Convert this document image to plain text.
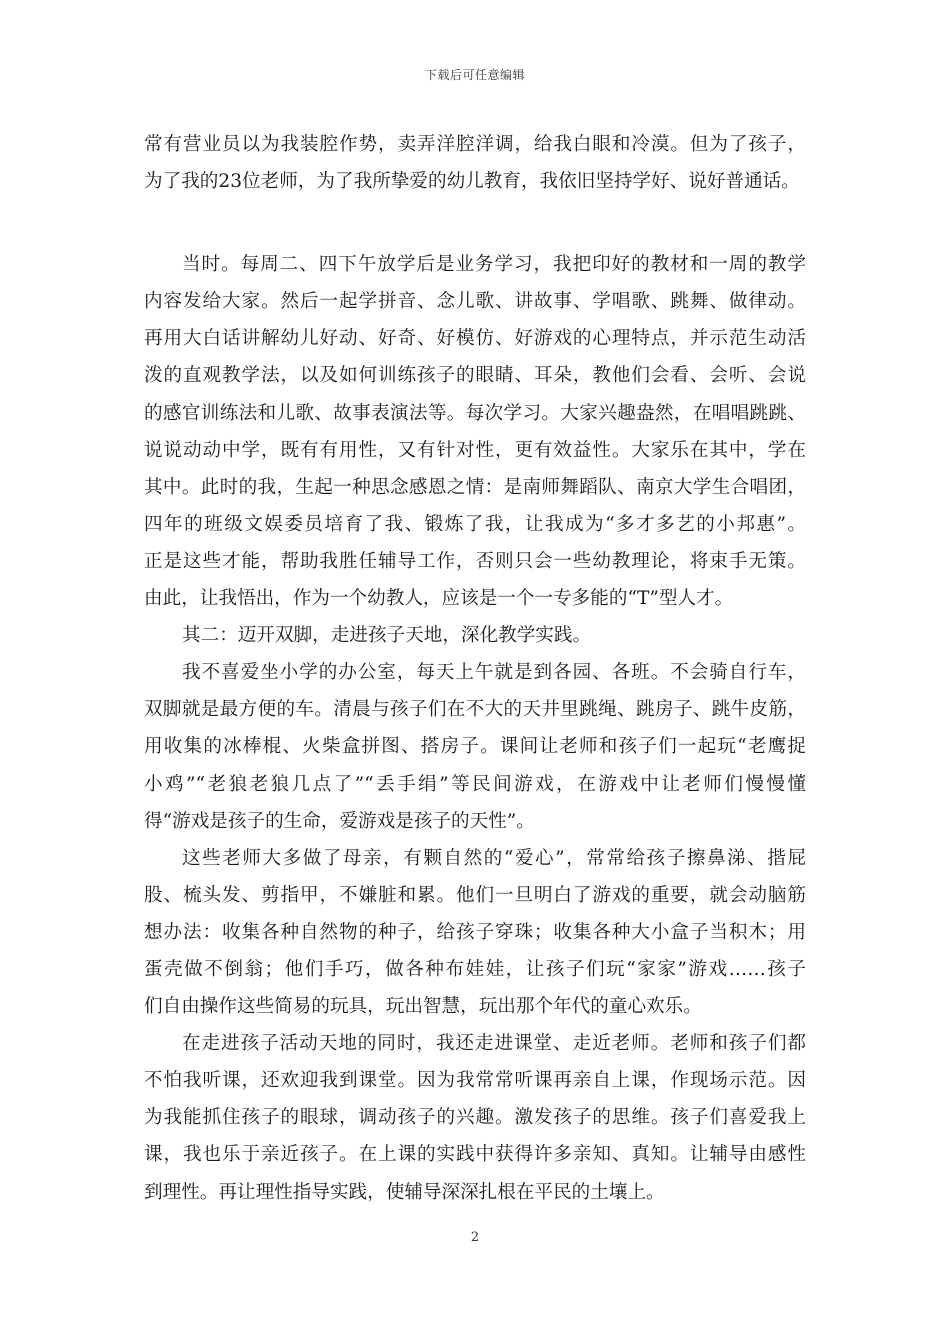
下载后可任意编辑
常有营业员以为我装腔作势，卖弄洋腔洋调，给我白眼和冷漠。但为了孩子，
为了我的23位老师，为了我所挚爱的幼儿教育，我依旧坚持学好、说好普通话。
当时。每周二、四下午放学后是业务学习，我把印好的教材和一周的教学
内容发给大家。然后一起学拼音、念儿歌、讲故事、学唱歌、跳舞、做律动。
再用大白话讲解幼儿好动、好奇、好模仿、好游戏的心理特点，并示范生动活
泼的直观教学法，以及如何训练孩子的眼睛、耳朵，教他们会看、会听、会说
的感官训练法和儿歌、故事表演法等。每次学习。大家兴趣盎然，在唱唱跳跳、
说说动动中学，既有有用性，又有针对性，更有效益性。大家乐在其中，学在
其中。此时的我，生起一种思念感恩之情：是南师舞蹈队、南京大学生合唱团，
四年的班级文娱委员培育了我、锻炼了我，让我成为“多才多艺的小邦惠”。
正是这些才能，帮助我胜任辅导工作，否则只会一些幼教理论，将束手无策。
由此，让我悟出，作为一个幼教人，应该是一个一专多能的“T”型人才。
其二：迈开双脚，走进孩子天地，深化教学实践。
我不喜爱坐小学的办公室，每天上午就是到各园、各班。不会骑自行车，
双脚就是最方便的车。清晨与孩子们在不大的天井里跳绳、跳房子、跳牛皮筋，
用收集的冰棒棍、火柴盒拼图、搭房子。课间让老师和孩子们一起玩“老鹰捉
小鸡”“老狼老狼几点了”“丢手绢”等民间游戏，在游戏中让老师们慢慢懂
得“游戏是孩子的生命，爱游戏是孩子的天性”。
这些老师大多做了母亲，有颗自然的“爱心”，常常给孩子擦鼻涕、揩屁
股、梳头发、剪指甲，不嫌脏和累。他们一旦明白了游戏的重要，就会动脑筋
想办法：收集各种自然物的种子，给孩子穿珠；收集各种大小盒子当积木；用
蛋壳做不倒翁；他们手巧，做各种布娃娃，让孩子们玩“家家”游戏……孩子
们自由操作这些简易的玩具，玩出智慧，玩出那个年代的童心欢乐。
在走进孩子活动天地的同时，我还走进课堂、走近老师。老师和孩子们都
不怕我听课，还欢迎我到课堂。因为我常常听课再亲自上课，作现场示范。因
为我能抓住孩子的眼球，调动孩子的兴趣。激发孩子的思维。孩子们喜爱我上
课，我也乐于亲近孩子。在上课的实践中获得许多亲知、真知。让辅导由感性
到理性。再让理性指导实践，使辅导深深扎根在平民的土壤上。
2
